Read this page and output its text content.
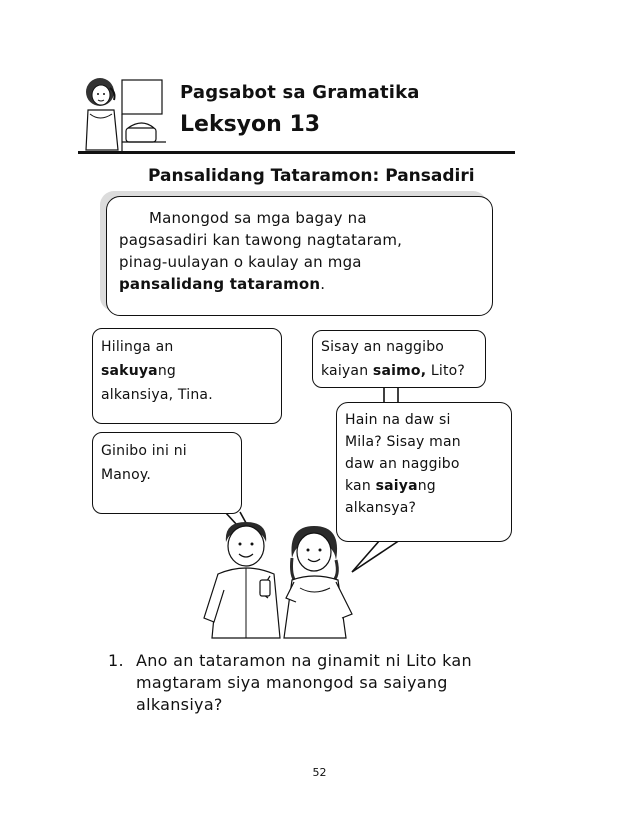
Pagsabot sa Gramatika
Leksyon 13
Pansalidang Tataramon: Pansadiri
Manongod sa mga bagay na
pagsasadiri kan tawong nagtataram,
pinag-uulayan o kaulay an mga
pansalidang tataramon.
Hilinga an
sakuyang
alkansiya, Tina.
Sisay an naggibo
kaiyan saimo, Lito?
Ginibo ini ni
Manoy.
Hain na daw si
Mila? Sisay man
daw an naggibo
kan saiyang
alkansya?
1. Ano an tataramon na ginamit ni Lito kan magtaram siya manongod sa saiyang alkansiya?
52
